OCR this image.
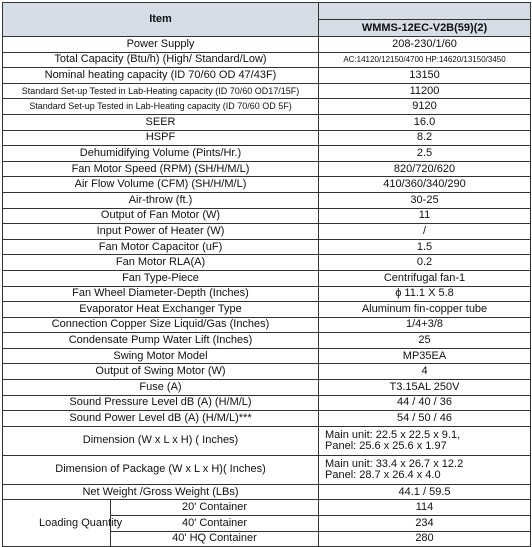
Item		
		WMMS-12EC-V2B(59)(2)
Power Supply		208-230/1/60
Total Capacity (Btu/h) (High/ Standard/Low)		AC:14120/12150/4700 HP:14620/13150/3450
Nominal heating capacity (ID 70/60 OD 47/43F)		13150
Standard Set-up Tested in Lab-Heating capacity (ID 70/60 OD17/15F)		11200
Standard Set-up Tested in Lab-Heating capacity (ID 70/60 OD 5F)		9120
SEER		16.0
HSPF		8.2
Dehumidifying Volume (Pints/Hr.)		2.5
Fan Motor Speed (RPM) (SH/H/M/L)		820/720/620
Air Flow Volume (CFM) (SH/H/M/L)		410/360/340/290
Air-throw (ft.)		30-25
Output of Fan Motor (W)		11
Input Power of Heater (W)		/
Fan Motor Capacitor (uF)		1.5
Fan Motor RLA(A)		0.2
Fan Type-Piece		Centrifugal fan-1
Fan Wheel Diameter-Depth (Inches)		ϕ 11.1 X 5.8
Evaporator Heat Exchanger Type		Aluminum fin-copper tube
Connection Copper Size Liquid/Gas (Inches)		1/4+3/8
Condensate Pump Water Lift (Inches)		25
Swing Motor Model		MP35EA
Output of Swing Motor (W)		4
Fuse (A)		T3.15AL 250V
Sound Pressure Level dB (A) (H/M/L)		44 / 40 / 36
Sound Power Level dB (A) (H/M/L)***		54 / 50 / 46
Dimension (W x L x H) ( Inches)		Main unit: 22.5 x 22.5 x 9.1,
Panel: 25.6 x 25.6 x 1.97

Dimension of Package (W x L x H)( Inches)		Main unit: 33.4 x 26.7 x 12.2
Panel: 28.7 x 26.4 x 4.0

Net Weight /Gross Weight (LBs)		44.1 / 59.5
Loading Quantity	20' Container	114
	40' Container	234
	40' HQ Container	280
